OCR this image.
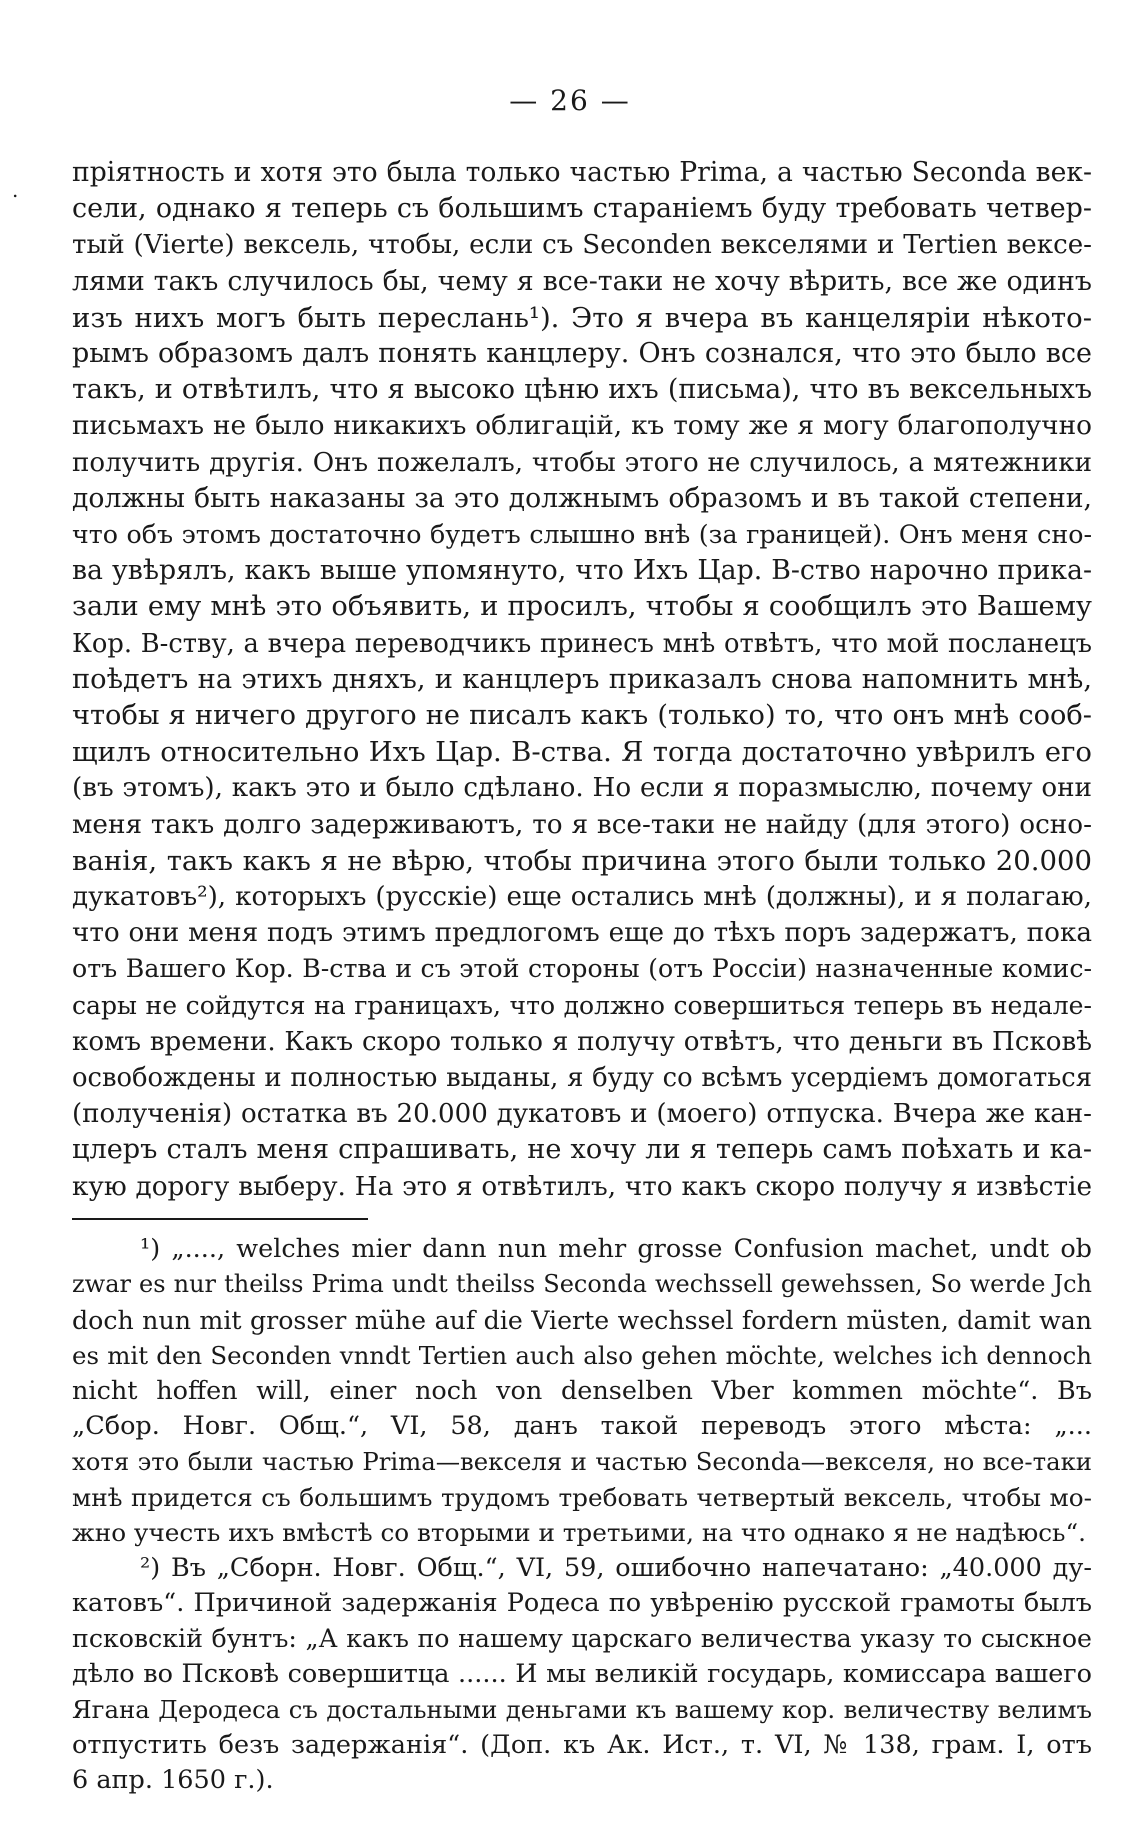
— 26 —
.
пріятность и хотя это была только частью Prima, а частью Seconda век-
сели, однако я теперь съ большимъ стараніемъ буду требовать четвер-
тый (Vierte) вексель, чтобы, если съ Seconden векселями и Tertien вексе-
лями такъ случилось бы, чему я все-таки не хочу вѣрить, все же одинъ
изъ нихъ могъ быть переслань¹). Это я вчера въ канцеляріи нѣкото-
рымъ образомъ далъ понять канцлеру. Онъ сознался, что это было все
такъ, и отвѣтилъ, что я высоко цѣню ихъ (письма), что въ вексельныхъ
письмахъ не было никакихъ облигацій, къ тому же я могу благополучно
получить другія. Онъ пожелалъ, чтобы этого не случилось, а мятежники
должны быть наказаны за это должнымъ образомъ и въ такой степени,
что объ этомъ достаточно будетъ слышно внѣ (за границей). Онъ меня сно-
ва увѣрялъ, какъ выше упомянуто, что Ихъ Цар. В-ство нарочно прика-
зали ему мнѣ это объявить, и просилъ, чтобы я сообщилъ это Вашему
Кор. В-ству, а вчера переводчикъ принесъ мнѣ отвѣтъ, что мой посланецъ
поѣдетъ на этихъ дняхъ, и канцлеръ приказалъ снова напомнить мнѣ,
чтобы я ничего другого не писалъ какъ (только) то, что онъ мнѣ сооб-
щилъ относительно Ихъ Цар. В-ства. Я тогда достаточно увѣрилъ его
(въ этомъ), какъ это и было сдѣлано. Но если я поразмыслю, почему они
меня такъ долго задерживаютъ, то я все-таки не найду (для этого) осно-
ванія, такъ какъ я не вѣрю, чтобы причина этого были только 20.000
дукатовъ²), которыхъ (русскіе) еще остались мнѣ (должны), и я полагаю,
что они меня подъ этимъ предлогомъ еще до тѣхъ поръ задержатъ, пока
отъ Вашего Кор. В-ства и съ этой стороны (отъ Россіи) назначенные комис-
сары не сойдутся на границахъ, что должно совершиться теперь въ недале-
комъ времени. Какъ скоро только я получу отвѣтъ, что деньги въ Псковѣ
освобождены и полностью выданы, я буду со всѣмъ усердіемъ домогаться
(полученія) остатка въ 20.000 дукатовъ и (моего) отпуска. Вчера же кан-
цлеръ сталъ меня спрашивать, не хочу ли я теперь самъ поѣхать и ка-
кую дорогу выберу. На это я отвѣтилъ, что какъ скоро получу я извѣстіе
¹) „...., welches mier dann nun mehr grosse Confusion machet, undt ob
zwar es nur theilss Prima undt theilss Seconda wechssell gewehssen, So werde Jch
doch nun mit grosser mühe auf die Vierte wechssel fordern müsten, damit wan
es mit den Seconden vnndt Tertien auch also gehen möchte, welches ich dennoch
nicht hoffen will, einer noch von denselben Vber kommen möchte“. Въ
„Сбор. Новг. Общ.“, VI, 58, данъ такой переводъ этого мѣста: „...
хотя это были частью Prima—векселя и частью Seconda—векселя, но все-таки
мнѣ придется съ большимъ трудомъ требовать четвертый вексель, чтобы мо-
жно учесть ихъ вмѣстѣ со вторыми и третьими, на что однако я не надѣюсь“.
²) Въ „Сборн. Новг. Общ.“, VI, 59, ошибочно напечатано: „40.000 ду-
катовъ“. Причиной задержанія Родеса по увѣренію русской грамоты былъ
псковскій бунтъ: „А какъ по нашему царскаго величества указу то сыскное
дѣло во Псковѣ совершитца ...... И мы великій государь, комиссара вашего
Ягана Деродеса съ достальными деньгами къ вашему кор. величеству велимъ
отпустить безъ задержанія“. (Доп. къ Ак. Ист., т. VI, № 138, грам. I, отъ
6 апр. 1650 г.).
